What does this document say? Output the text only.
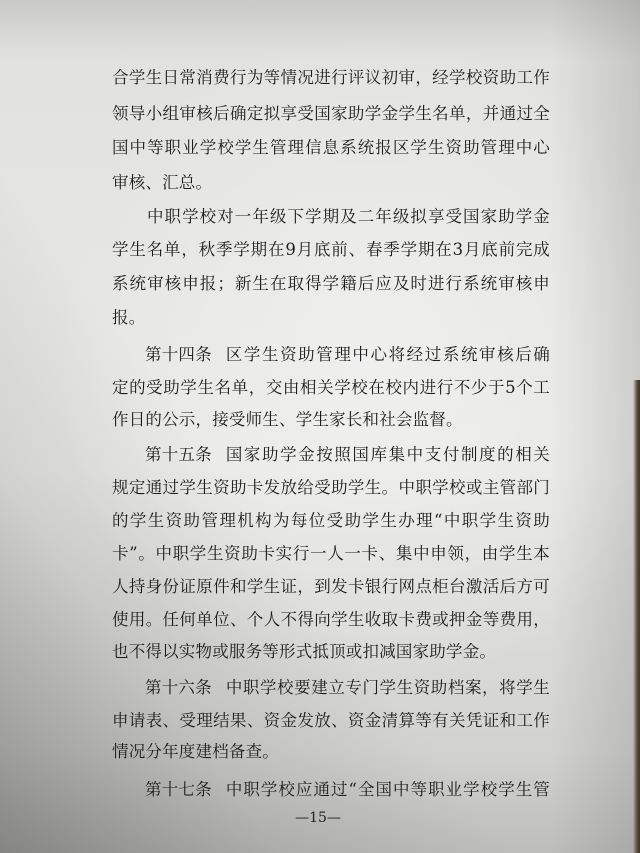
合学生日常消费行为等情况进行评议初审，经学校资助工作
领导小组审核后确定拟享受国家助学金学生名单，并通过全
国中等职业学校学生管理信息系统报区学生资助管理中心
审核、汇总。
中职学校对一年级下学期及二年级拟享受国家助学金
学生名单，秋季学期在9月底前、春季学期在3月底前完成
系统审核申报；新生在取得学籍后应及时进行系统审核申
报。
第十四条 区学生资助管理中心将经过系统审核后确
定的受助学生名单，交由相关学校在校内进行不少于5个工
作日的公示，接受师生、学生家长和社会监督。
第十五条 国家助学金按照国库集中支付制度的相关
规定通过学生资助卡发放给受助学生。中职学校或主管部门
的学生资助管理机构为每位受助学生办理“中职学生资助
卡”。中职学生资助卡实行一人一卡、集中申领，由学生本
人持身份证原件和学生证，到发卡银行网点柜台激活后方可
使用。任何单位、个人不得向学生收取卡费或押金等费用，
也不得以实物或服务等形式抵顶或扣减国家助学金。
第十六条 中职学校要建立专门学生资助档案，将学生
申请表、受理结果、资金发放、资金清算等有关凭证和工作
情况分年度建档备查。
第十七条 中职学校应通过“全国中等职业学校学生管
—15—
